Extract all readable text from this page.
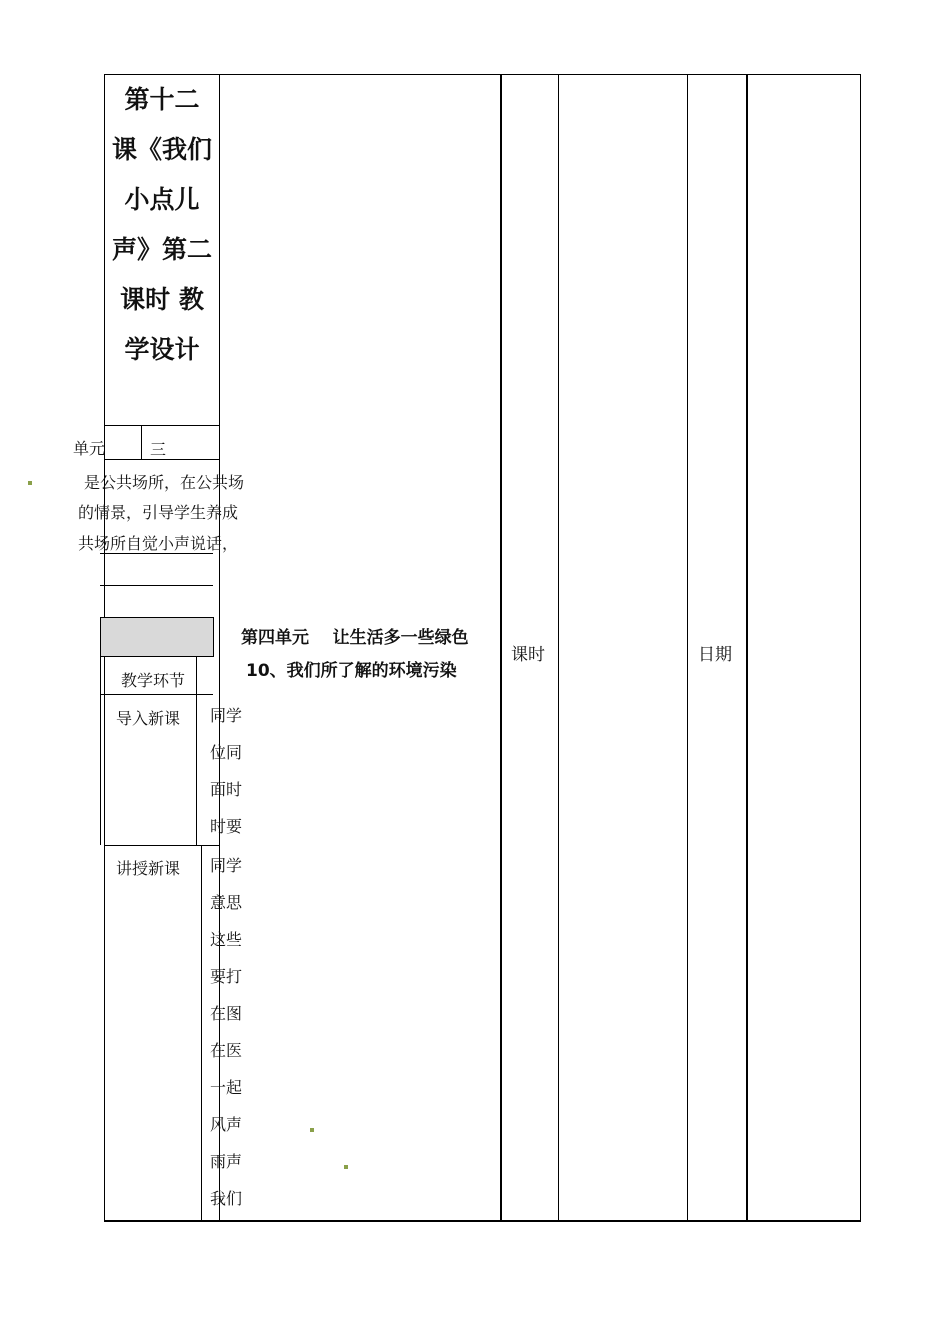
第十二
课《我们
小点儿
声》第二
课时 教
学设计
单元	三
是公共场所，在公共场
的情景，引导学生养成
共场所自觉小声说话，
第四单元    让生活多一些绿色
10、我们所了解的环境污染
课时	日期
教学环节
导入新课 同学
位同
面时
时要
讲授新课 同学
意思
这些
要打
在图
在医
一起
风声
雨声
我们
